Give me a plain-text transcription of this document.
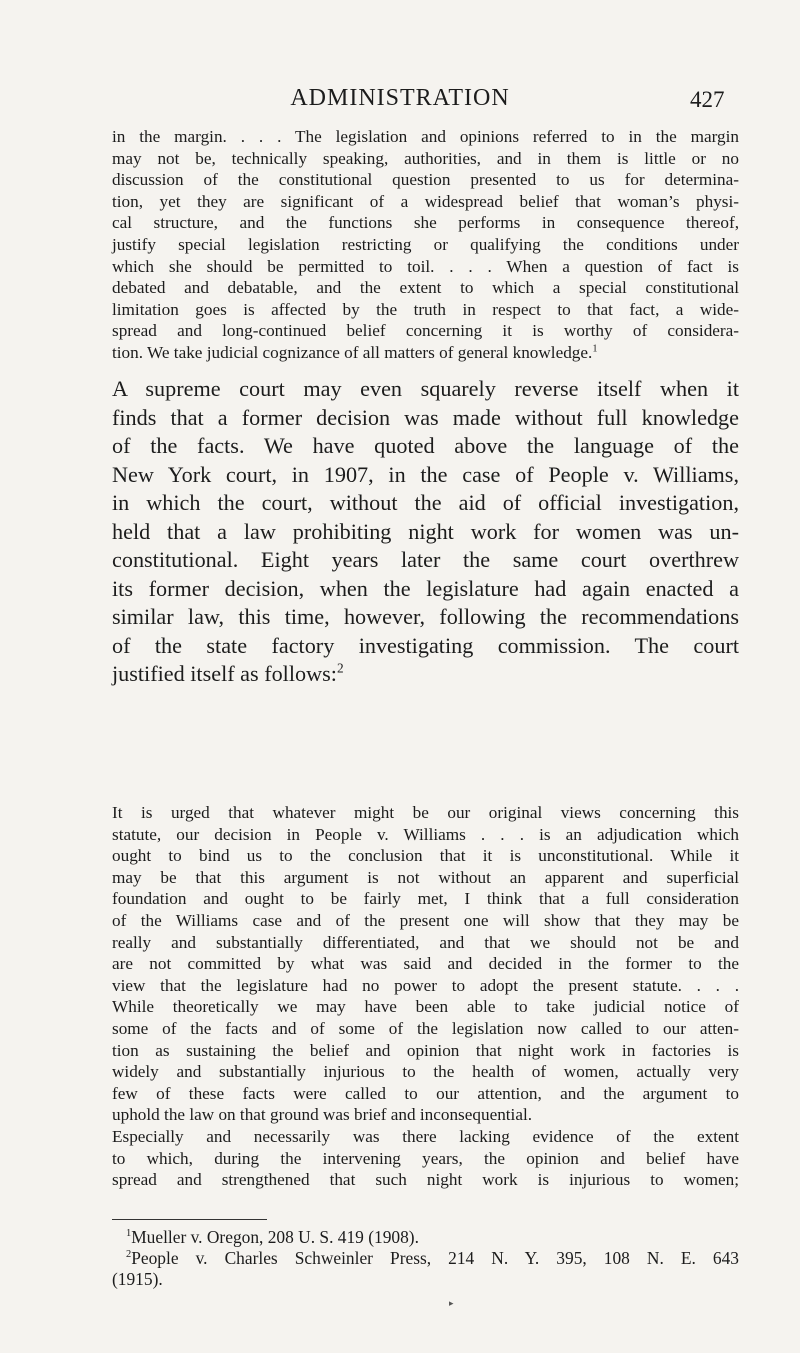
ADMINISTRATION	427
in the margin. . . . The legislation and opinions referred to in the margin
may not be, technically speaking, authorities, and in them is little or no
discussion of the constitutional question presented to us for determina-
tion, yet they are significant of a widespread belief that woman’s physi-
cal structure, and the functions she performs in consequence thereof,
justify special legislation restricting or qualifying the conditions under
which she should be permitted to toil. . . . When a question of fact is
debated and debatable, and the extent to which a special constitutional
limitation goes is affected by the truth in respect to that fact, a wide-
spread and long-continued belief concerning it is worthy of considera-
tion. We take judicial cognizance of all matters of general knowledge.$^1$
A supreme court may even squarely reverse itself when it
finds that a former decision was made without full knowledge
of the facts. We have quoted above the language of the
New York court, in 1907, in the case of People v. Williams,
in which the court, without the aid of official investigation,
held that a law prohibiting night work for women was un-
constitutional. Eight years later the same court overthrew
its former decision, when the legislature had again enacted a
similar law, this time, however, following the recommendations
of the state factory investigating commission. The court
justified itself as follows:$^2$
It is urged that whatever might be our original views concerning this
statute, our decision in People v. Williams . . . is an adjudication which
ought to bind us to the conclusion that it is unconstitutional. While it
may be that this argument is not without an apparent and superficial
foundation and ought to be fairly met, I think that a full consideration
of the Williams case and of the present one will show that they may be
really and substantially differentiated, and that we should not be and
are not committed by what was said and decided in the former to the
view that the legislature had no power to adopt the present statute. . . .
While theoretically we may have been able to take judicial notice of
some of the facts and of some of the legislation now called to our atten-
tion as sustaining the belief and opinion that night work in factories is
widely and substantially injurious to the health of women, actually very
few of these facts were called to our attention, and the argument to
uphold the law on that ground was brief and inconsequential.
Especially and necessarily was there lacking evidence of the extent
to which, during the intervening years, the opinion and belief have
spread and strengthened that such night work is injurious to women;
$^1$Mueller v. Oregon, 208 U. S. 419 (1908).
$^2$People v. Charles Schweinler Press, 214 N. Y. 395, 108 N. E. 643
(1915).
▸
